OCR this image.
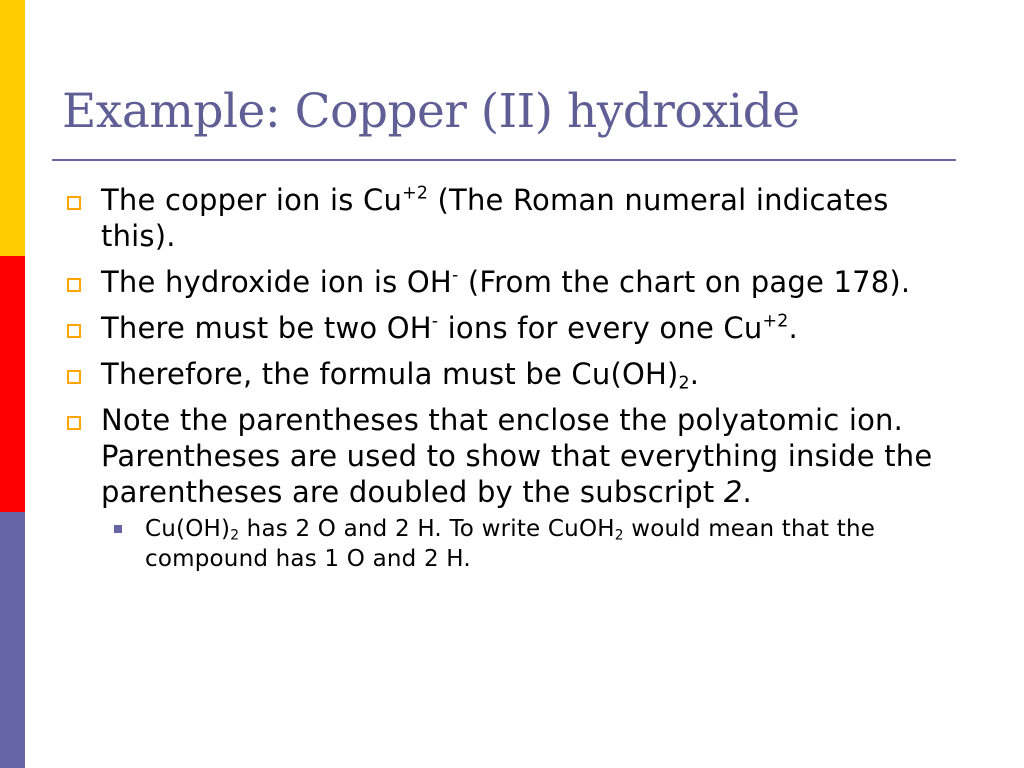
Example: Copper (II) hydroxide
The copper ion is $Cu^{+2}$ (The Roman numeral indicates this).
The hydroxide ion is OH- (From the chart on page 178).
There must be two OH- ions for every one $Cu^{+2}$.
Therefore, the formula must be $Cu(OH)_2$.
Note the parentheses that enclose the polyatomic ion. Parentheses are used to show that everything inside the parentheses are doubled by the subscript 2.
$Cu(OH)_2$ has 2 O and 2 H. To write CuOH$_2$ would mean that the compound has 1 O and 2 H.
